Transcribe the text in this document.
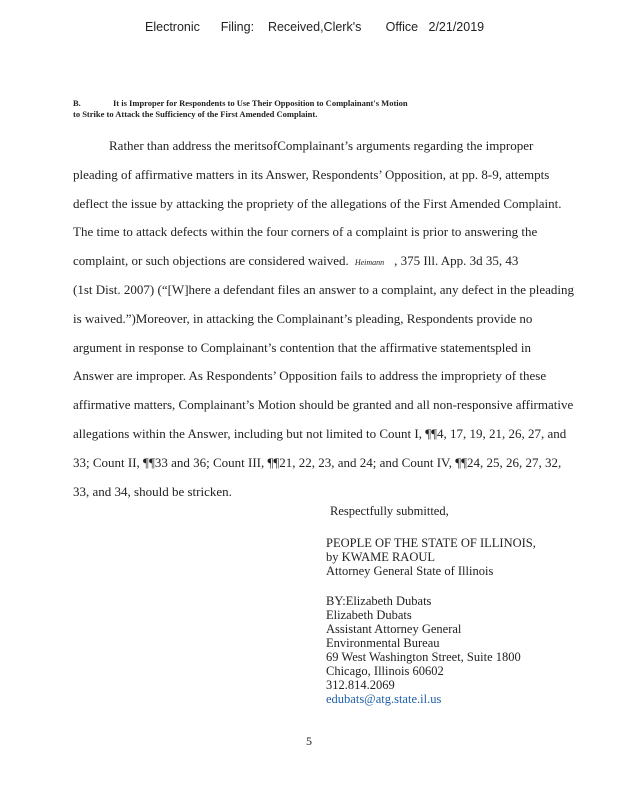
Electronic      Filing:    Received,Clerk's       Office   2/21/2019
B.	It is Improper for Respondents to Use Their Opposition to Complainant's Motion
to Strike to Attack the Sufficiency of the First Amended Complaint.
Rather than address the meritsofComplainant’s arguments regarding the improper
pleading of affirmative matters in its Answer, Respondents’ Opposition, at pp. 8-9, attempts
deflect the issue by attacking the propriety of the allegations of the First Amended Complaint.
The time to attack defects within the four corners of a complaint is prior to answering the
complaint, or such objections are considered waived. Heimann , 375 Ill. App. 3d 35, 43
(1st Dist. 2007) (“[W]here a defendant files an answer to a complaint, any defect in the pleading
is waived.”)Moreover, in attacking the Complainant’s pleading, Respondents provide no
argument in response to Complainant’s contention that the affirmative statementspled in
Answer are improper. As Respondents’ Opposition fails to address the impropriety of these
affirmative matters, Complainant’s Motion should be granted and all non-responsive affirmative
allegations within the Answer, including but not limited to Count I, ¶¶4, 17, 19, 21, 26, 27, and
33; Count II, ¶¶33 and 36; Count III, ¶¶21, 22, 23, and 24; and Count IV, ¶¶24, 25, 26, 27, 32,
33, and 34, should be stricken.
Respectfully submitted,
PEOPLE OF THE STATE OF ILLINOIS,
by KWAME RAOUL
Attorney General State of Illinois
BY:Elizabeth Dubats
Elizabeth Dubats
Assistant Attorney General
Environmental Bureau
69 West Washington Street, Suite 1800
Chicago, Illinois 60602
312.814.2069
edubats@atg.state.il.us
5
